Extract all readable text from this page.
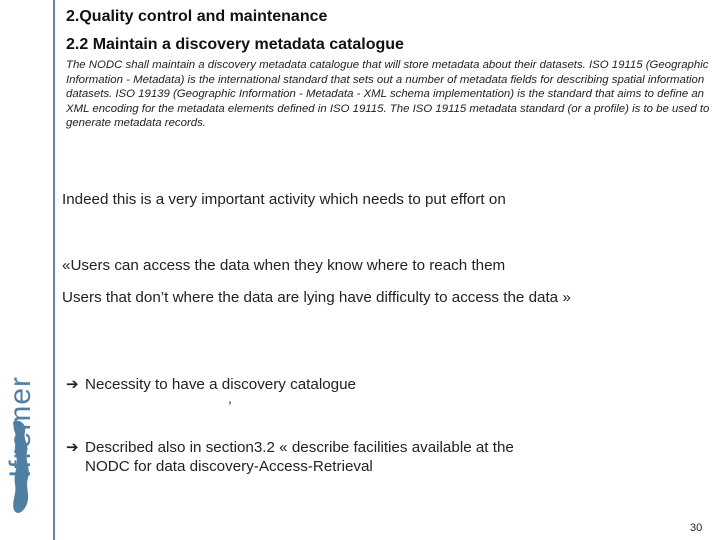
Ifremer
2.Quality control and maintenance
2.2 Maintain a discovery metadata catalogue
The NODC shall maintain a discovery metadata catalogue that will store metadata about their datasets. ISO 19115 (Geographic Information - Metadata) is the international standard that sets out a number of metadata fields for describing spatial information datasets. ISO 19139 (Geographic Information - Metadata - XML schema implementation) is the standard that aims to define an XML encoding for the metadata elements defined in ISO 19115. The ISO 19115 metadata standard (or a profile) is to be used to generate metadata records.
Indeed this is a very important activity which needs to put effort on
«Users can access the data when they know where to reach them
Users that don’t where the data are lying have difficulty to access the data »
➔ Necessity to have a discovery catalogue
,
➔ Described also in section3.2 « describe facilities available at the
NODC for data discovery-Access-Retrieval
30
